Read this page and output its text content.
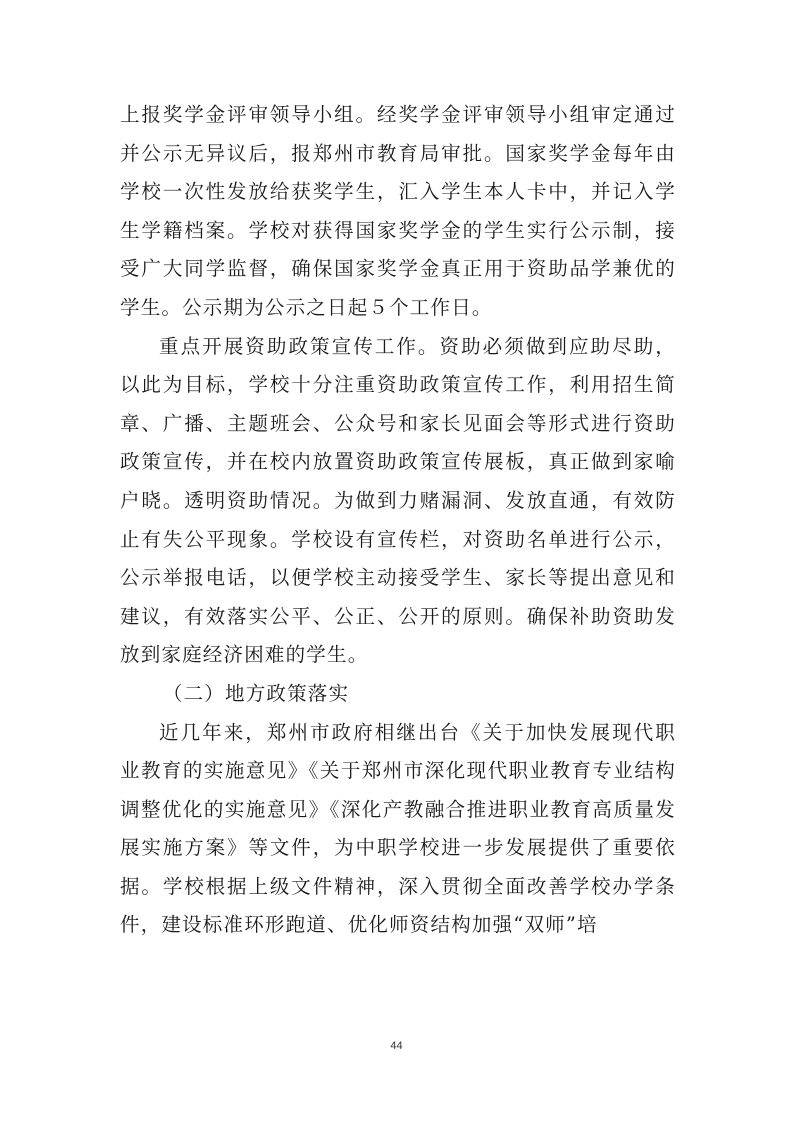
上报奖学金评审领导小组。经奖学金评审领导小组审定通过并公示无异议后，报郑州市教育局审批。国家奖学金每年由学校一次性发放给获奖学生，汇入学生本人卡中，并记入学生学籍档案。学校对获得国家奖学金的学生实行公示制，接受广大同学监督，确保国家奖学金真正用于资助品学兼优的学生。公示期为公示之日起５个工作日。

重点开展资助政策宣传工作。资助必须做到应助尽助，以此为目标，学校十分注重资助政策宣传工作，利用招生简章、广播、主题班会、公众号和家长见面会等形式进行资助政策宣传，并在校内放置资助政策宣传展板，真正做到家喻户晓。透明资助情况。为做到力赌漏洞、发放直通，有效防止有失公平现象。学校设有宣传栏，对资助名单进行公示，公示举报电话，以便学校主动接受学生、家长等提出意见和建议，有效落实公平、公正、公开的原则。确保补助资助发放到家庭经济困难的学生。

（二）地方政策落实

近几年来，郑州市政府相继出台《关于加快发展现代职业教育的实施意见》《关于郑州市深化现代职业教育专业结构调整优化的实施意见》《深化产教融合推进职业教育高质量发展实施方案》等文件，为中职学校进一步发展提供了重要依据。学校根据上级文件精神，深入贯彻全面改善学校办学条件，建设标准环形跑道、优化师资结构加强“双师”培

44
